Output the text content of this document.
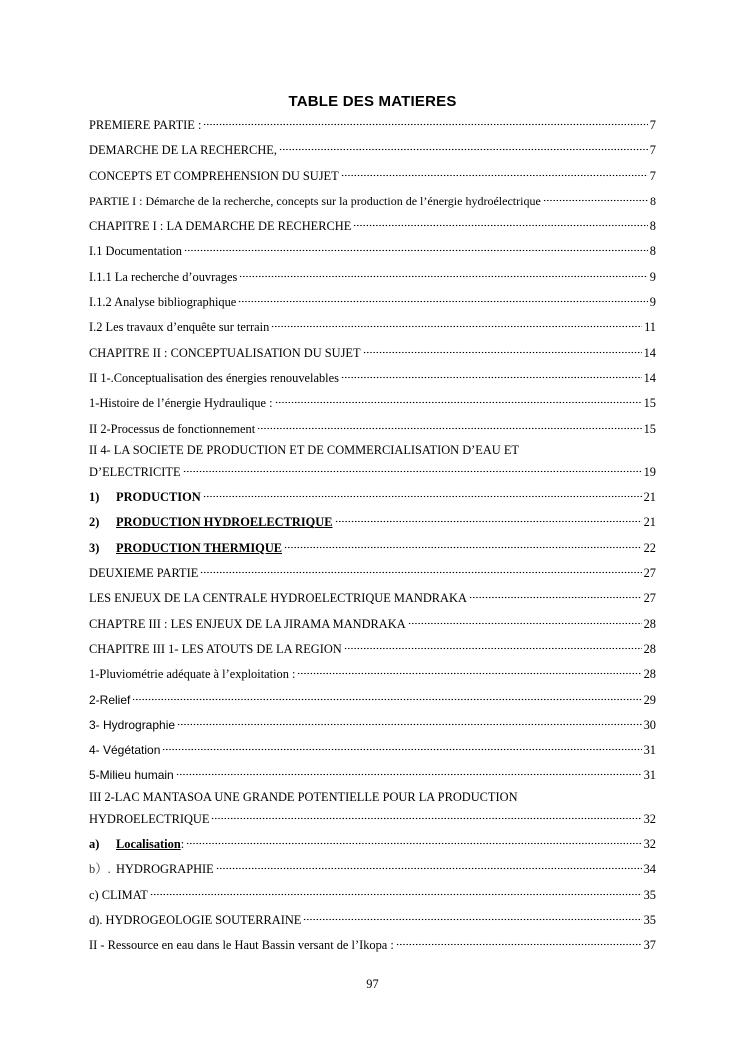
TABLE DES MATIERES
PREMIERE PARTIE :	7
DEMARCHE DE LA RECHERCHE,	7
CONCEPTS ET COMPREHENSION DU SUJET	7
PARTIE I : Démarche de la recherche, concepts sur la production de l’énergie hydroélectrique	8
CHAPITRE I : LA DEMARCHE DE RECHERCHE	8
I.1 Documentation	8
I.1.1 La recherche d’ouvrages	9
I.1.2 Analyse bibliographique	9
I.2 Les travaux d’enquête sur terrain	11
CHAPITRE II : CONCEPTUALISATION DU SUJET	14
II 1-.Conceptualisation des énergies renouvelables	14
1-Histoire de l’énergie Hydraulique :	15
II 2-Processus de fonctionnement	15
II 4- LA SOCIETE DE PRODUCTION ET DE COMMERCIALISATION D’EAU ET
D’ELECTRICITE	19
1)	PRODUCTION	21
2)	PRODUCTION HYDROELECTRIQUE	21
3)	PRODUCTION THERMIQUE	22
DEUXIEME PARTIE	27
LES ENJEUX DE LA CENTRALE HYDROELECTRIQUE MANDRAKA	27
CHAPTRE III : LES ENJEUX DE LA JIRAMA MANDRAKA	28
CHAPITRE III 1- LES ATOUTS DE LA REGION	28
1-Pluviométrie adéquate à l’exploitation :	28
2-Relief	29
3- Hydrographie	30
4- Végétation	31
5-Milieu humain	31
III 2-LAC MANTASOA UNE GRANDE POTENTIELLE POUR LA PRODUCTION
HYDROELECTRIQUE	32
a)	Localisation :	32
b）. HYDROGRAPHIE	34
c) CLIMAT	35
d). HYDROGEOLOGIE SOUTERRAINE	35
II - Ressource en eau dans le Haut Bassin versant de l’Ikopa :	37
97
